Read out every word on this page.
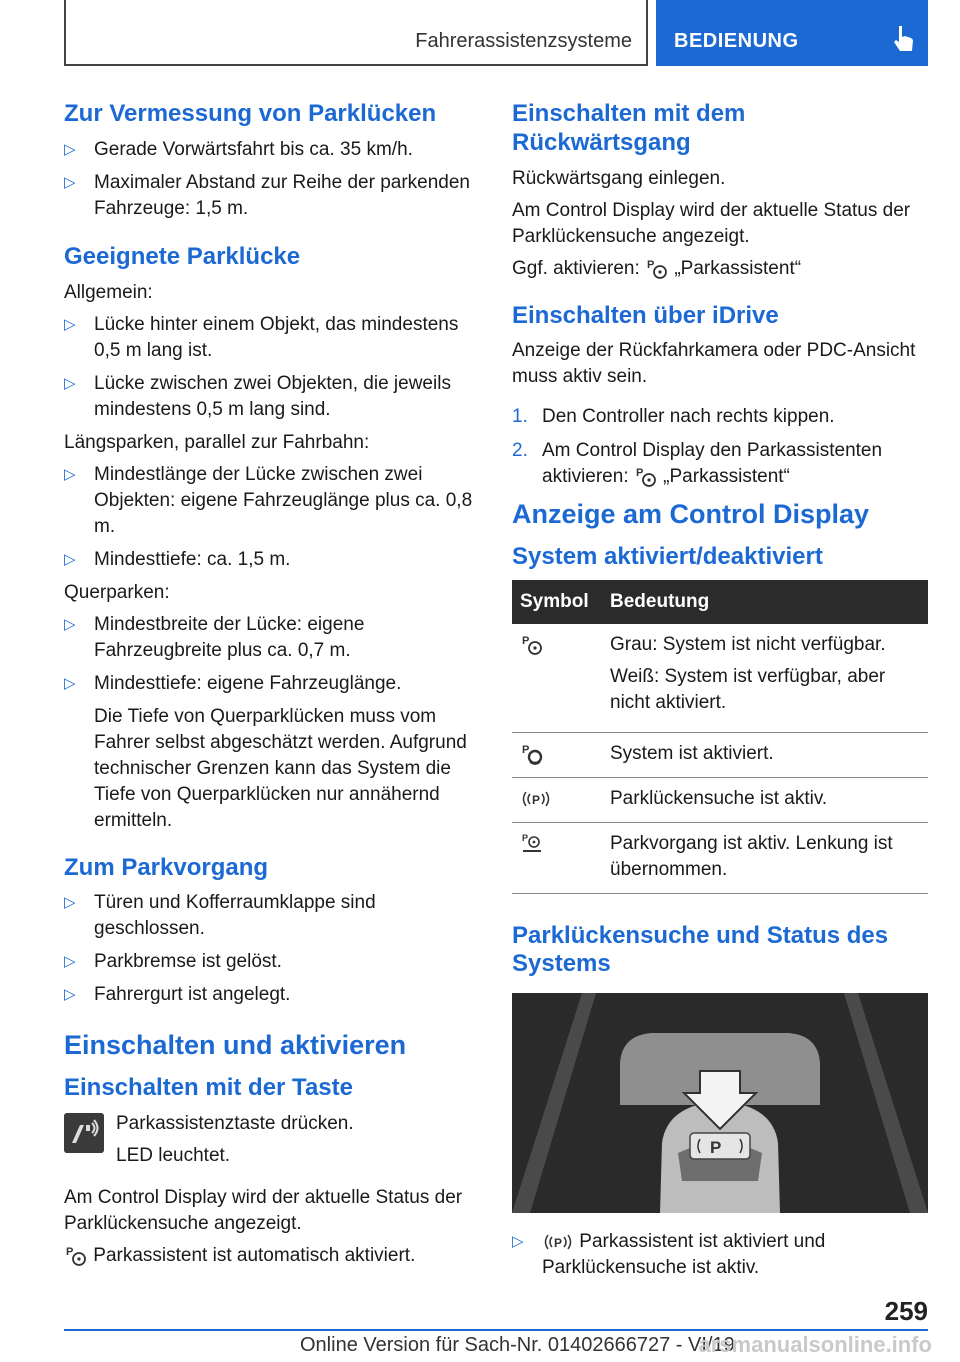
Fahrerassistenzsysteme BEDIENUNG
Zur Vermessung von Parklücken
▷ Gerade Vorwärtsfahrt bis ca. 35 km/h.
▷ Maximaler Abstand zur Reihe der parkenden Fahrzeuge: 1,5 m.
Geeignete Parklücke

Allgemein:

▷ Lücke hinter einem Objekt, das mindestens 0,5 m lang ist.
▷ Lücke zwischen zwei Objekten, die jeweils mindestens 0,5 m lang sind.

Längsparken, parallel zur Fahrbahn:

▷ Mindestlänge der Lücke zwischen zwei Objekten: eigene Fahrzeuglänge plus ca. 0,8 m.
▷ Mindesttiefe: ca. 1,5 m.

Querparken:

▷ Mindestbreite der Lücke: eigene Fahrzeugbreite plus ca. 0,7 m.
▷ Mindesttiefe: eigene Fahrzeuglänge.

Die Tiefe von Querparklücken muss vom Fahrer selbst abgeschätzt werden. Aufgrund technischer Grenzen kann das System die Tiefe von Querparklücken nur annähernd ermitteln.

Zum Parkvorgang
▷ Türen und Kofferraumklappe sind geschlossen.
▷ Parkbremse ist gelöst.
▷ Fahrergurt ist angelegt.
Einschalten und aktivieren
Einschalten mit der Taste

Parkassistenztaste drücken.

LED leuchtet.

Am Control Display wird der aktuelle Status der Parklückensuche angezeigt.

P Parkassistent ist automatisch aktiviert.

Einschalten mit dem Rückwärtsgang

Rückwärtsgang einlegen.

Am Control Display wird der aktuelle Status der Parklückensuche angezeigt.

Ggf. aktivieren: P „Parkassistent“

Einschalten über iDrive

Anzeige der Rückfahrkamera oder PDC-Ansicht muss aktiv sein.

1. Den Controller nach rechts kippen.
2. Am Control Display den Parkassistenten aktivieren: P „Parkassistent“
Anzeige am Control Display
System aktiviert/deaktiviert
Symbol	Bedeutung

P	Grau: System ist nicht verfügbar.

Weiß: System ist verfügbar, aber nicht aktiviert.

P	System ist aktiviert.

P	Parklückensuche ist aktiv.

P	Parkvorgang ist aktiv. Lenkung ist übernommen.
Parklückensuche und Status des Systems
P
▷	P Parkassistent ist aktiviert und Parklückensuche ist aktiv.
259
Online Version für Sach-Nr. 01402666727 - VI/19
arsmanualsonline.info
